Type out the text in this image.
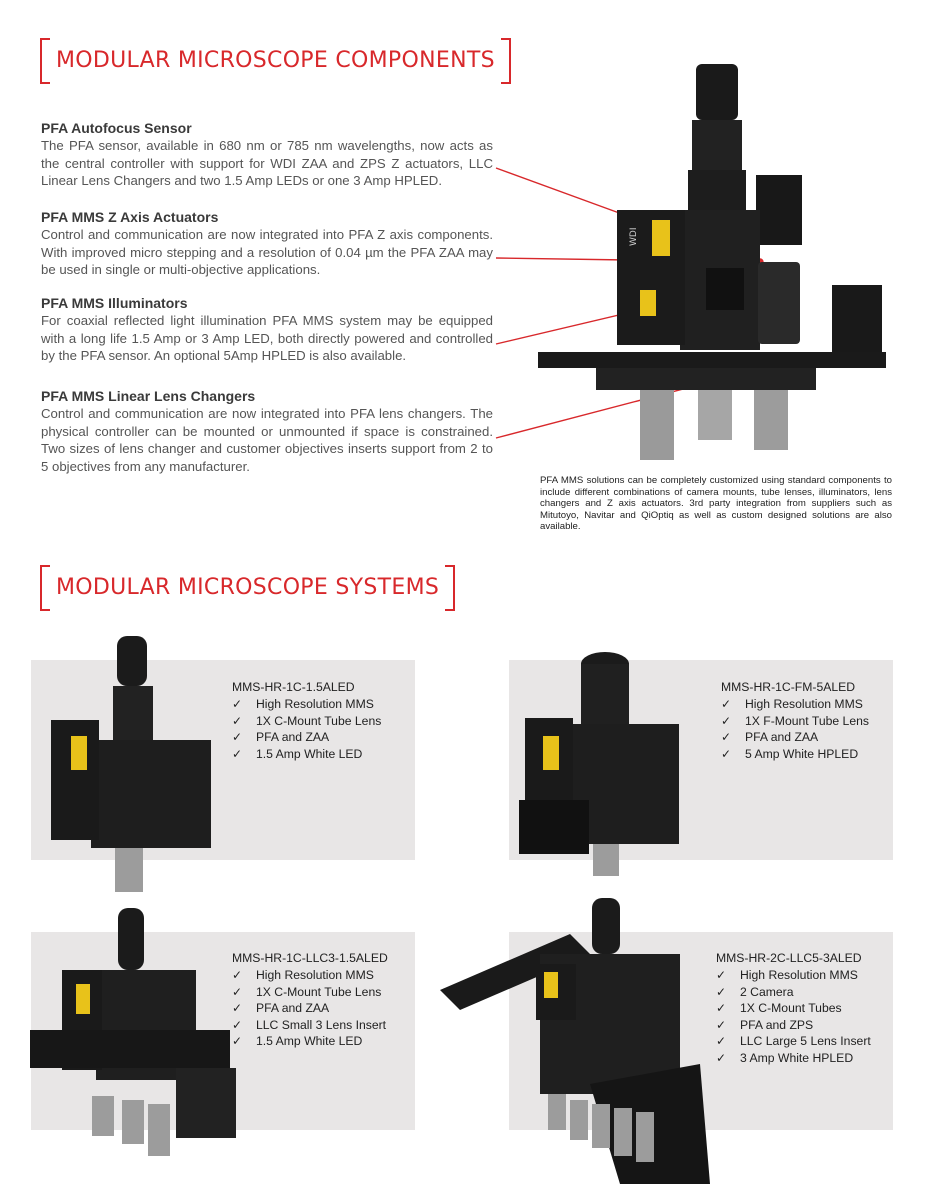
MODULAR MICROSCOPE COMPONENTS
PFA Autofocus Sensor

The PFA sensor, available in 680 nm or 785 nm wavelengths, now acts as the central controller with support for WDI ZAA and ZPS Z actuators, LLC Linear Lens Changers and two 1.5 Amp LEDs or one 3 Amp HPLED.

PFA MMS Z Axis Actuators

Control and communication are now integrated into PFA Z axis components. With improved micro stepping and a resolution of 0.04 µm the PFA ZAA may be used in single or multi-objective applications.

PFA MMS Illuminators

For coaxial reflected light illumination PFA MMS system may be equipped with a long life 1.5 Amp or 3 Amp LED, both directly powered and controlled by the PFA sensor. An optional 5Amp HPLED is also available.

PFA MMS Linear Lens Changers

Control and communication are now integrated into PFA lens changers. The physical controller can be mounted or unmounted if space is constrained. Two sizes of lens changer and customer objectives inserts support from 2 to 5 objectives from any manufacturer.

WDI
PFA MMS solutions can be completely customized using standard components to include different combinations of camera mounts, tube lenses, illuminators, lens changers and Z axis actuators. 3rd party integration from suppliers such as Mitutoyo, Navitar and QiOptiq as well as custom designed solutions are also available.
MODULAR MICROSCOPE SYSTEMS
MMS-HR-1C-1.5ALED
✓ High Resolution MMS
✓ 1X C-Mount Tube Lens
✓ PFA and ZAA
✓ 1.5 Amp White LED
MMS-HR-1C-FM-5ALED
✓ High Resolution MMS
✓ 1X F-Mount Tube Lens
✓ PFA and ZAA
✓ 5 Amp White HPLED
MMS-HR-1C-LLC3-1.5ALED
✓ High Resolution MMS
✓ 1X C-Mount Tube Lens
✓ PFA and ZAA
✓ LLC Small 3 Lens Insert
✓ 1.5 Amp White LED
MMS-HR-2C-LLC5-3ALED
✓ High Resolution MMS
✓ 2 Camera
✓ 1X C-Mount Tubes
✓ PFA and ZPS
✓ LLC Large 5 Lens Insert
✓ 3 Amp White HPLED
